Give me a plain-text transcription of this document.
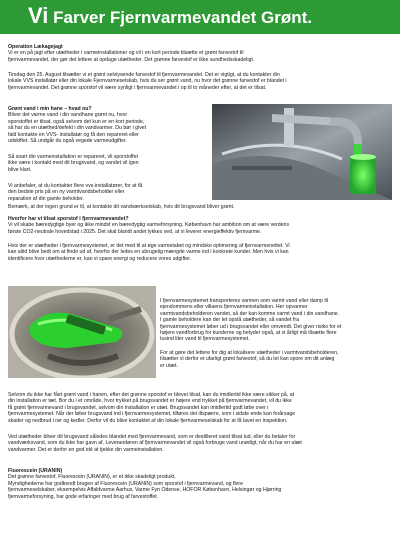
Vi Farver Fjernvarmevandet Grønt.
Operation Lækagejagt
Vi er en på jagt efter utætheder i varmeinstallationer og vil i en kort periode tilsætte et grønt farvestof til
fjernvarmevandet, der gør det lettere at opdage utætheder. Det grønne farvestof er ikke sundhedsskadeligt.
Tirsdag den 25. August tilsætter vi et grønt selvlysende farvestof til fjernvarmevandet. Det er vigtigt, at du kontakter din
lokale VVS installatør eller din lokale Fjernvarmeselskab, hvis du ser grønt vand, nu hvor det grønne farvestof er blandet i
fjernvarmevandet. Det grønne sporstof vil være synligt i fjernvarmevandet i op til to måneder efter, at det er tilsat.
Grønt vand i min hane – hvad nu?
Bliver det varme vand i din vandhane grønt nu, hvor
sporstoffet er tilsat, også selvom det kun er en kort periode,
så har du en utæthed/defekt i din vandvarmer. Du bør i givet
fald kontakte en VVS- installatør og få den repareret eller
udskiftet. Så undgår du også vegede varmeudgifter.
Så snart din varmeinstallation er repareret, vil sporstoffet
ikke være i kontakt med dit brugsvand, og vandet vil igen
blive klart.
Vi anbefaler, at du kontakter flere vvs-installatører, for at få
den bedste pris på en ny varmtvandsbeholder eller
reparation af din gamle beholder.
Bemærk, at der ingen grund er til, at kontakte dit vandværkselskab, hvis dit brugsvand bliver grønt.
Hvorfor har vi tilsat sporstof i fjernvarmevandet?
Vi vil skabe bæredygtige byer og ikke mindst en bæredygtig varmeforsyning. København har ambition om at være verdens
første CO2-neutrale hovedstad i 2025. Det skal blandt andet lykkes ved, at vi leverer energieffektiv fjernvarme.
Hvis der er utætheder i fjernvarmesystemet, er det med til at øge varmetabet og mindske optimering af fjernvarmenettet. Vi
kan altid blive bedt om at finde ud af, hvorfor der ledes en ubrugelig mængde varme ind i konkrete kunder. Men hvis vi kan
identificere hvor utæthederne er, kan vi spare energi og reducere vores udgifter.
I fjernvarmesystemet transporteres varmen som varmt vand eller damp til
ejendommens eller villaens fjernvarmeinstallation. Her opvarmer
varmtvandsbeholderen vandet, så der kan komme varmt vand i din vandhane.
I gamle beholdere kan der let opstå utætheder, så vandet fra
fjernvarmesystemet løber ud i brugsvandet eller omvendt. Det giver risiko for et
højere vandforbrug for kunderne og betyder også, at vi årligt må tilsætte flere
tusind liter vand til fjernvarmesystemet.
For at gøre det lettere for dig at lokalisere utætheder i varmtvandsbeholderen,
tilsætter vi derfor et ufarligt grønt farvestof, så du let kan spore om dit anlæg
er utæt.
Selvom du ikke har fået grønt vand i hanen, efter det grønne sporstof er blevet tilsat, kan du imidlertid ikke være sikker på, at
din installation er tæt. Bor du i et område, hvor trykket på brugsvandet er højere end trykket på fjernvarmevandet, vil du ikke
få grønt fjernvarmevand i brugsvandet, selvom din installation er utæt. Brugsvandet kan imidlertid godt løbe over i
fjernvarmesystemet. Når der løber brugsvand ind i fjernvarmesystemet, tilføres det iltspærre, som i sidste ende kan forårsage
skader og nedbrud i rør og kedler. Derfor vil du blive kontaktet af din lokale fjernvarmeselskab for at få lavet en inspektion.
Ved utætheder bliver dit brugsvand således blandet med fjernvarmevand, som er destilleret vand tilsat lud, eller du betaler for
vandværksvand, som du ikke har gavn af. Leverandøren af fjernvarmevandet vil også forbruge vand unødigt, når du har en utæt
vandvarmer. Det er derfor en god idé at tjekke din varmeinstallation.
Fluorescein (URANIN)
Det grønne farvestof, Fluorescein (URANIN), er et ikke skadeligt produkt.
Myndighederne har godkendt brugen af Fluorescein (URANIN) som sporstof i fjernvarmevand, og flere
fjernvarmeselskaber, eksempelvis Affaldvarme Aarhus, Varme Fyn Odense, HOFOR København, Helsingør og Hjørring
fjernvarmeforsyning, har gode erfaringer med brug af farvestoffet.
